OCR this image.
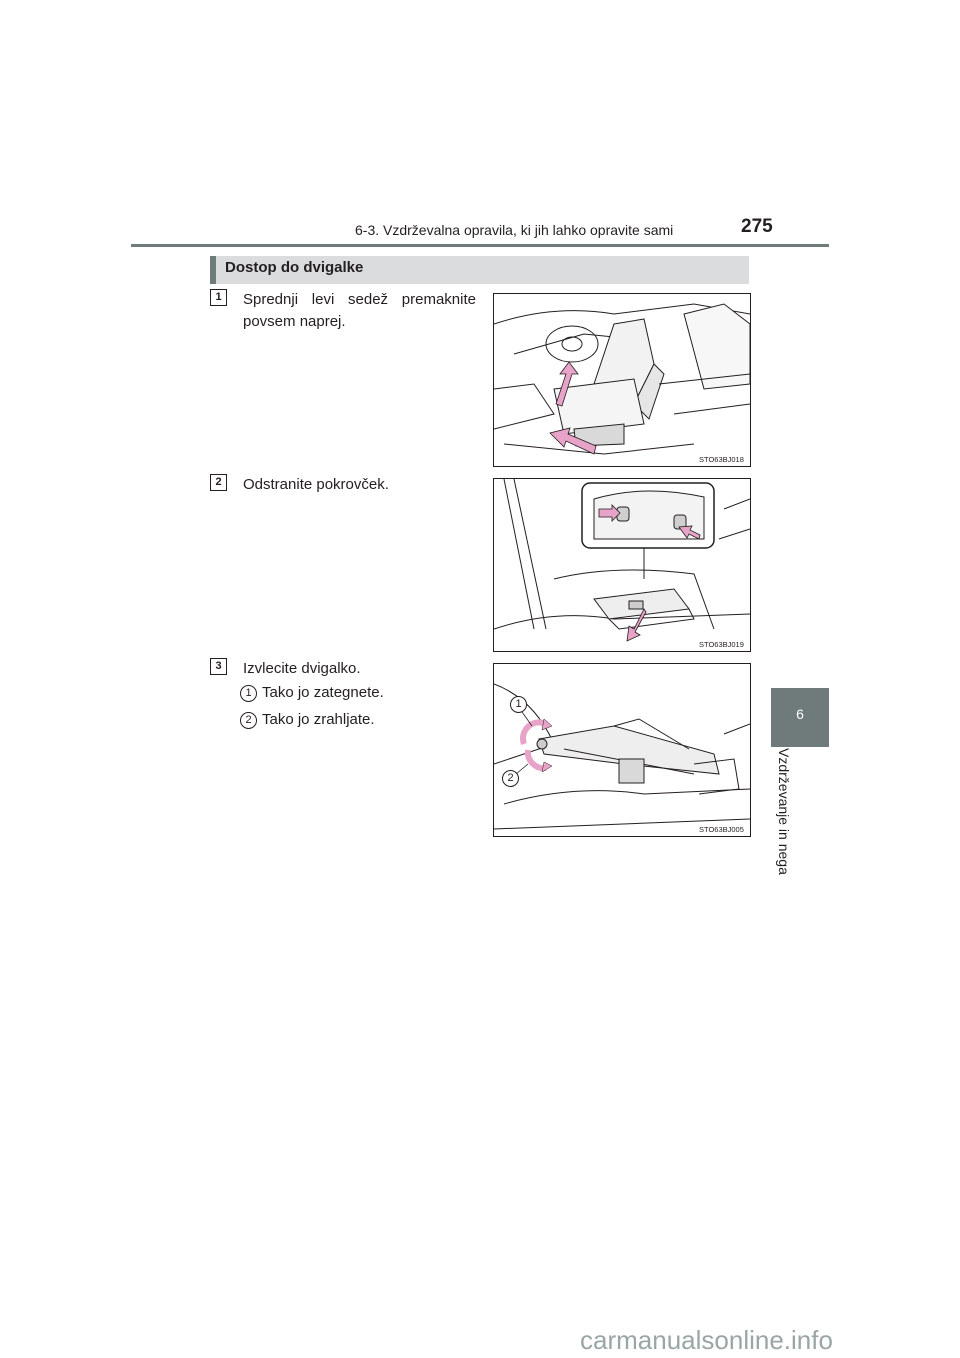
6-3. Vzdrževalna opravila, ki jih lahko opravite sami	275
6
Vzdrževanje in nega
Dostop do dvigalke
1	Sprednji levi sedež premaknite povsem naprej.
STO63BJ018
2	Odstranite pokrovček.
STO63BJ019
3	Izvlecite dvigalko.
1 Tako jo zategnete.
2 Tako jo zrahljate.
1
2
STO63BJ005
carmanualsonline.info
